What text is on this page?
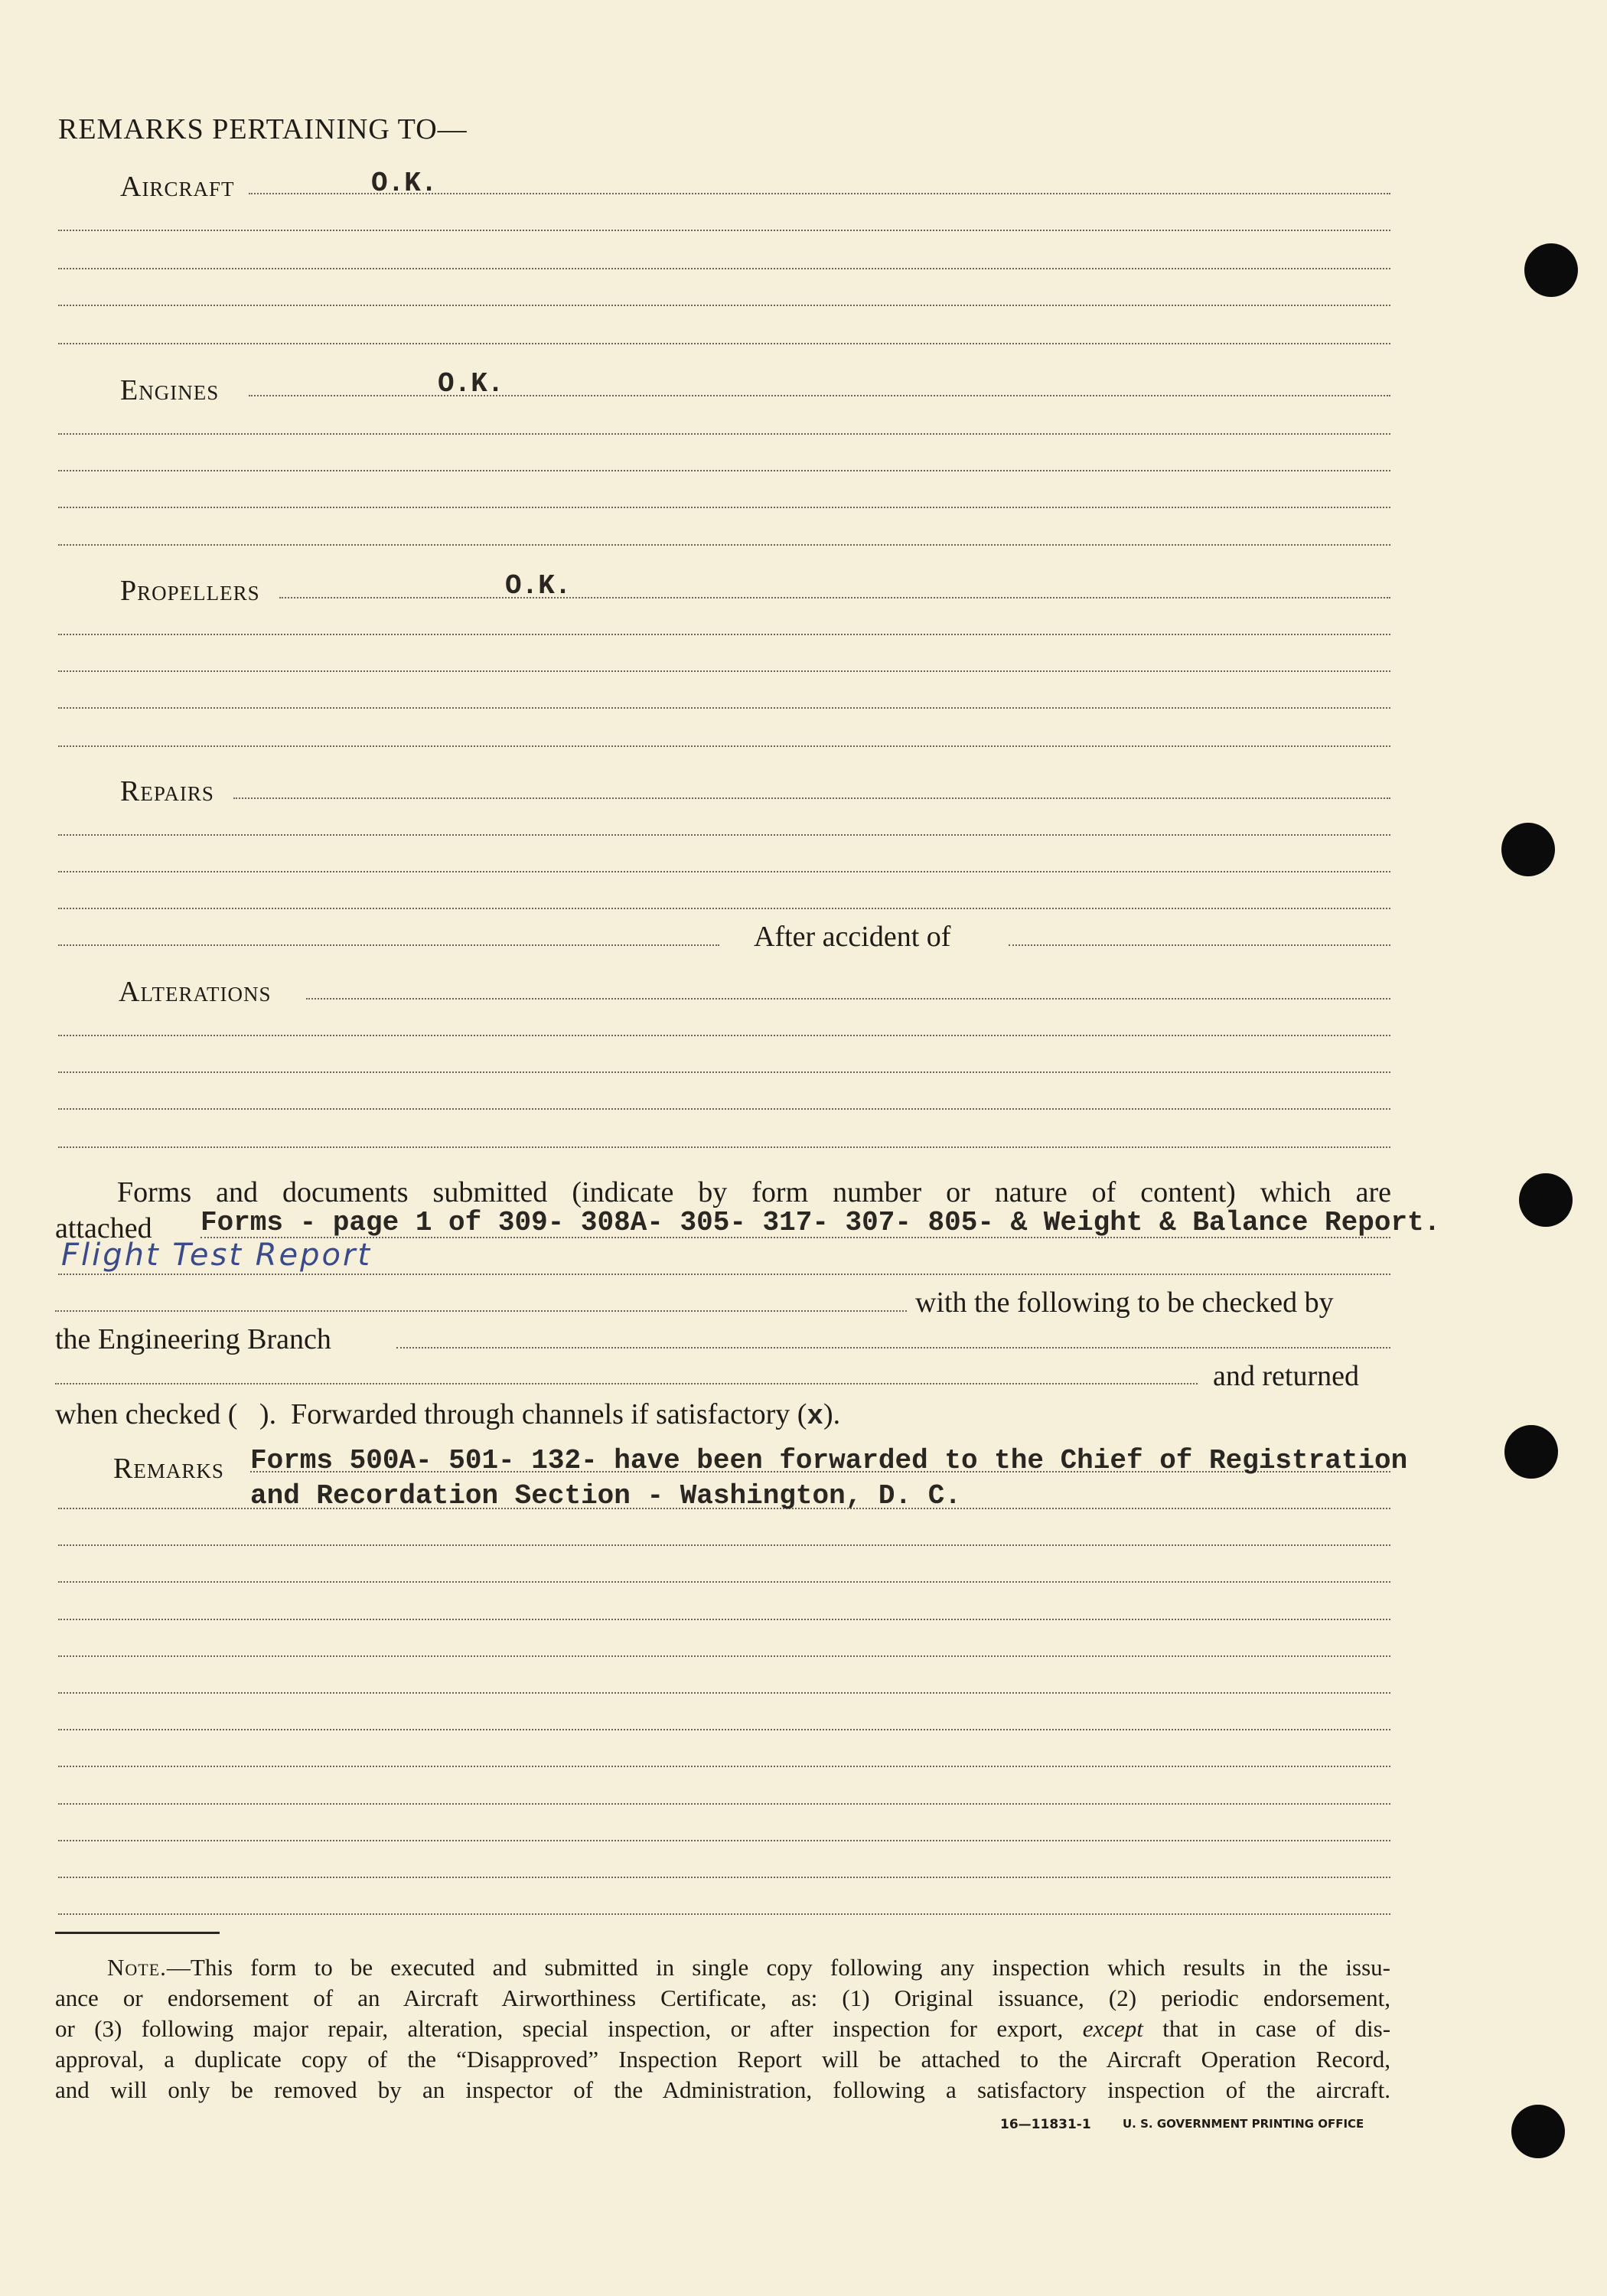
REMARKS PERTAINING TO—
Aircraft	O.K.
Engines	O.K.
Propellers	O.K.
Repairs
After accident of
Alterations
Forms and documents submitted (indicate by form number or nature of content) which are
attached Forms - page 1 of 309- 308A- 305- 317- 307- 805- & Weight & Balance Report.
Flight Test Report
with the following to be checked by
the Engineering Branch
and returned
when checked (   ).  Forwarded through channels if satisfactory (x).
Remarks Forms 500A- 501- 132- have been forwarded to the Chief of Registration
and Recordation Section - Washington, D. C.
Note.—This form to be executed and submitted in single copy following any inspection which results in the issu-
ance or endorsement of an Aircraft Airworthiness Certificate, as: (1) Original issuance, (2) periodic endorsement,
or (3) following major repair, alteration, special inspection, or after inspection for export, except that in case of dis-
approval, a duplicate copy of the “Disapproved” Inspection Report will be attached to the Aircraft Operation Record,
and will only be removed by an inspector of the Administration, following a satisfactory inspection of the aircraft.
16—11831-1	U. S. GOVERNMENT PRINTING OFFICE
